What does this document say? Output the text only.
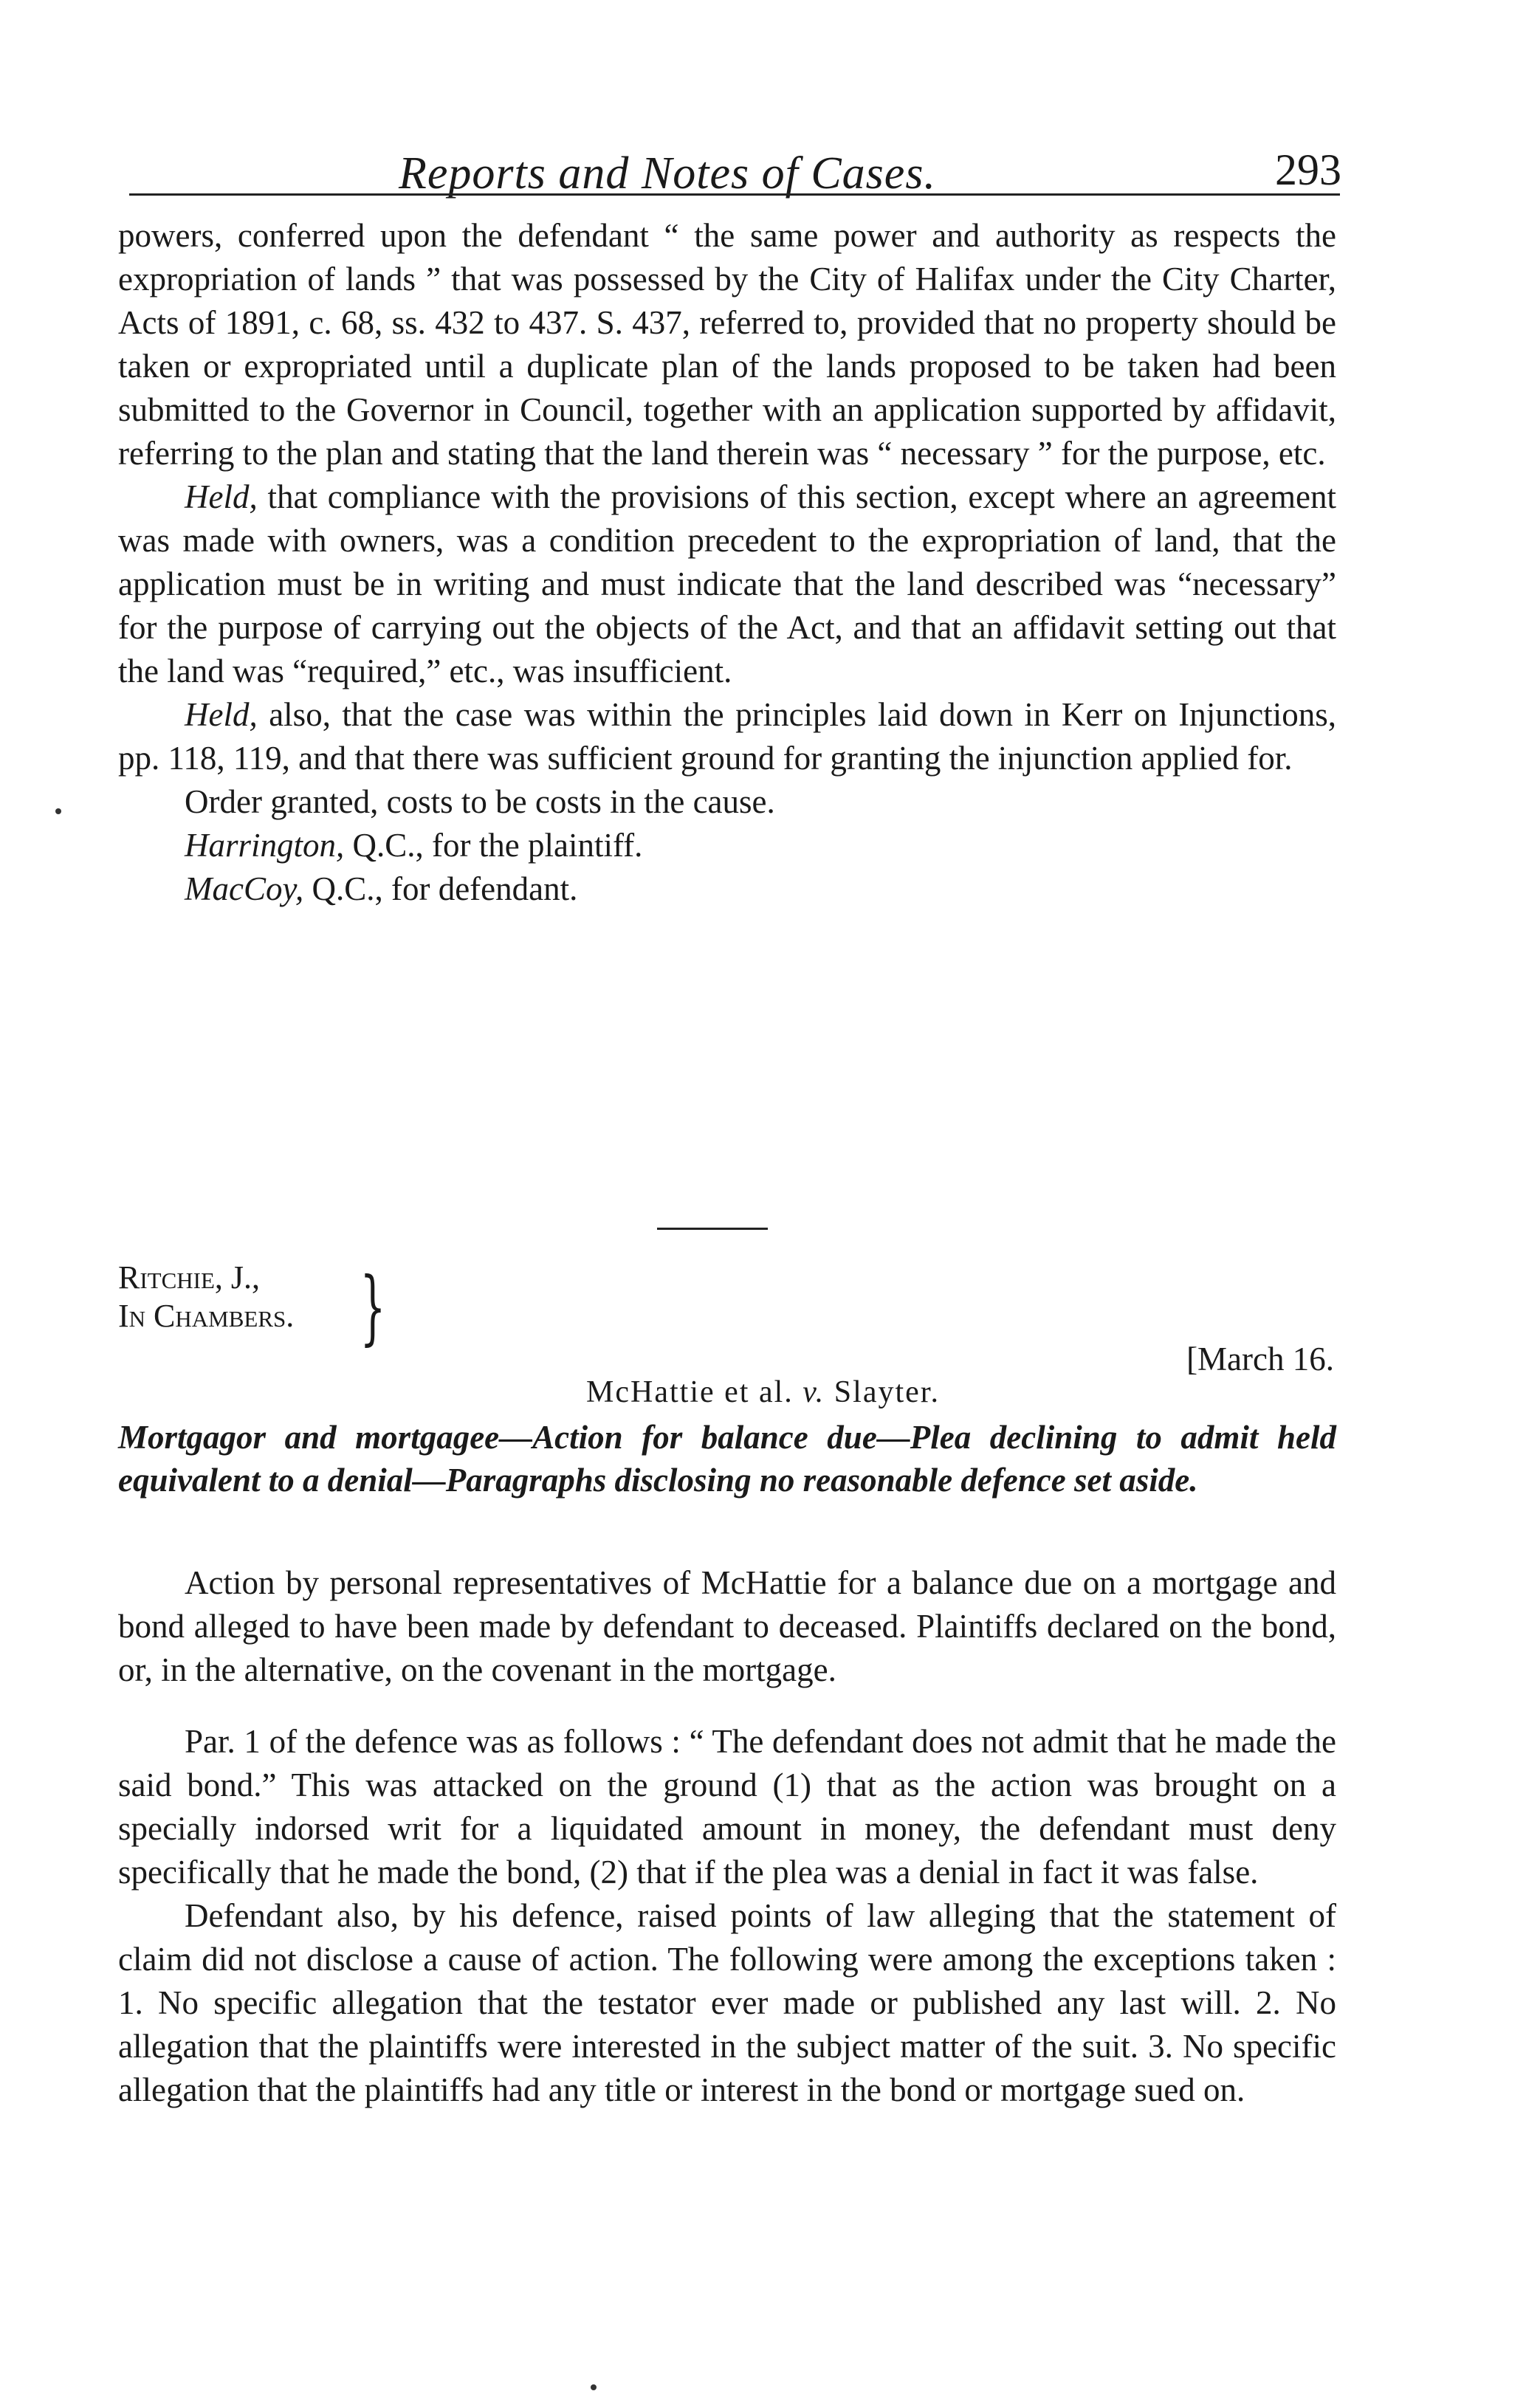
Reports and Notes of Cases.	293

powers, conferred upon the defendant “ the same power and authority as respects the expropriation of lands ” that was possessed by the City of Halifax under the City Charter, Acts of 1891, c. 68, ss. 432 to 437. S. 437, referred to, provided that no property should be taken or expropriated until a duplicate plan of the lands proposed to be taken had been submitted to the Governor in Council, together with an application supported by affidavit, referring to the plan and stating that the land therein was “ necessary ” for the purpose, etc.

Held, that compliance with the provisions of this section, except where an agreement was made with owners, was a condition precedent to the expropriation of land, that the application must be in writing and must indicate that the land described was “necessary” for the purpose of carrying out the objects of the Act, and that an affidavit setting out that the land was “required,” etc., was insufficient.

Held, also, that the case was within the principles laid down in Kerr on Injunctions, pp. 118, 119, and that there was sufficient ground for granting the injunction applied for.

Order granted, costs to be costs in the cause.

Harrington, Q.C., for the plaintiff.

MacCoy, Q.C., for defendant.

Ritchie, J.,
In Chambers. }
[March 16.
McHattie et al. v. Slayter.
Mortgagor and mortgagee—Action for balance due—Plea declining to admit held equivalent to a denial—Paragraphs disclosing no reasonable defence set aside.

Action by personal representatives of McHattie for a balance due on a mortgage and bond alleged to have been made by defendant to deceased. Plaintiffs declared on the bond, or, in the alternative, on the covenant in the mortgage.

Par. 1 of the defence was as follows : “ The defendant does not admit that he made the said bond.” This was attacked on the ground (1) that as the action was brought on a specially indorsed writ for a liquidated amount in money, the defendant must deny specifically that he made the bond, (2) that if the plea was a denial in fact it was false.

Defendant also, by his defence, raised points of law alleging that the statement of claim did not disclose a cause of action. The following were among the exceptions taken : 1. No specific allegation that the testator ever made or published any last will. 2. No allegation that the plaintiffs were interested in the subject matter of the suit. 3. No specific allegation that the plaintiffs had any title or interest in the bond or mortgage sued on.
